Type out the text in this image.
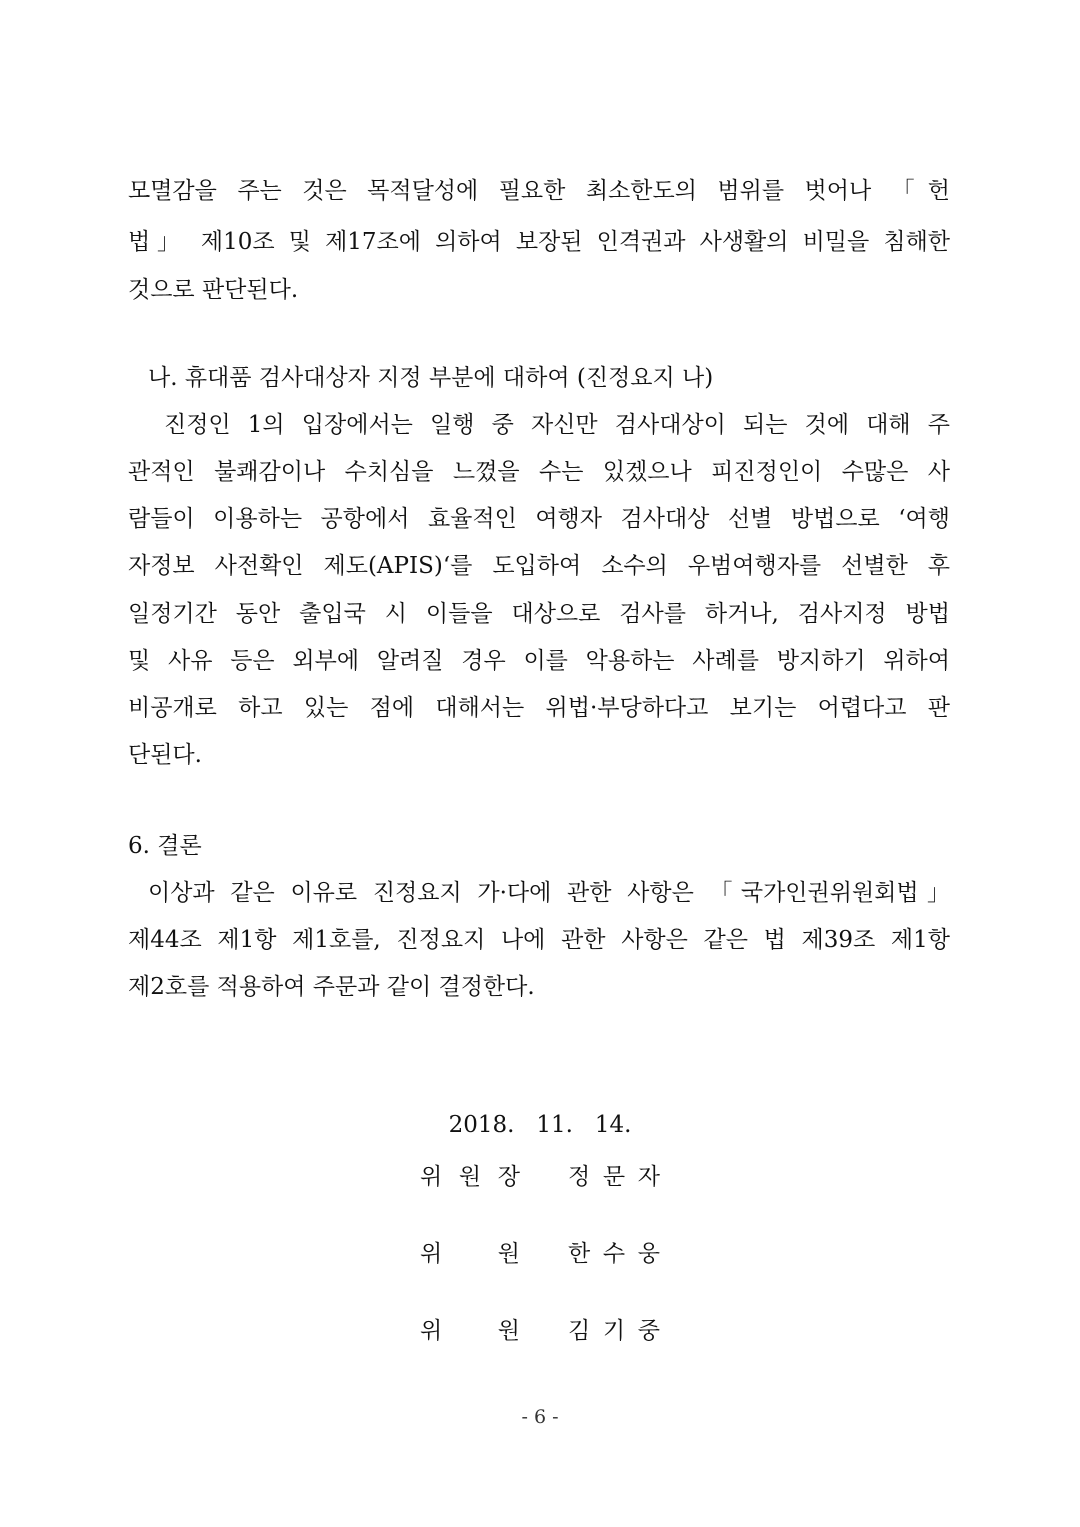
모멸감을 주는 것은 목적달성에 필요한 최소한도의 범위를 벗어나 「헌
법」 제10조 및 제17조에 의하여 보장된 인격권과 사생활의 비밀을 침해한
것으로 판단된다.
나. 휴대품 검사대상자 지정 부분에 대하여 (진정요지 나)
진정인 1의 입장에서는 일행 중 자신만 검사대상이 되는 것에 대해 주
관적인 불쾌감이나 수치심을 느꼈을 수는 있겠으나 피진정인이 수많은 사
람들이 이용하는 공항에서 효율적인 여행자 검사대상 선별 방법으로 ‘여행
자정보 사전확인 제도(APIS)‘를 도입하여 소수의 우범여행자를 선별한 후
일정기간 동안 출입국 시 이들을 대상으로 검사를 하거나, 검사지정 방법
및 사유 등은 외부에 알려질 경우 이를 악용하는 사례를 방지하기 위하여
비공개로 하고 있는 점에 대해서는 위법·부당하다고 보기는 어렵다고 판
단된다.
6. 결론
이상과 같은 이유로 진정요지 가·다에 관한 사항은 「국가인권위원회법」
제44조 제1항 제1호를, 진정요지 나에 관한 사항은 같은 법 제39조 제1항
제2호를 적용하여 주문과 같이 결정한다.
2018.   11.   14.
위 원 장 정 문 자
위 원 한 수 웅
위 원 김 기 중
- 6 -
